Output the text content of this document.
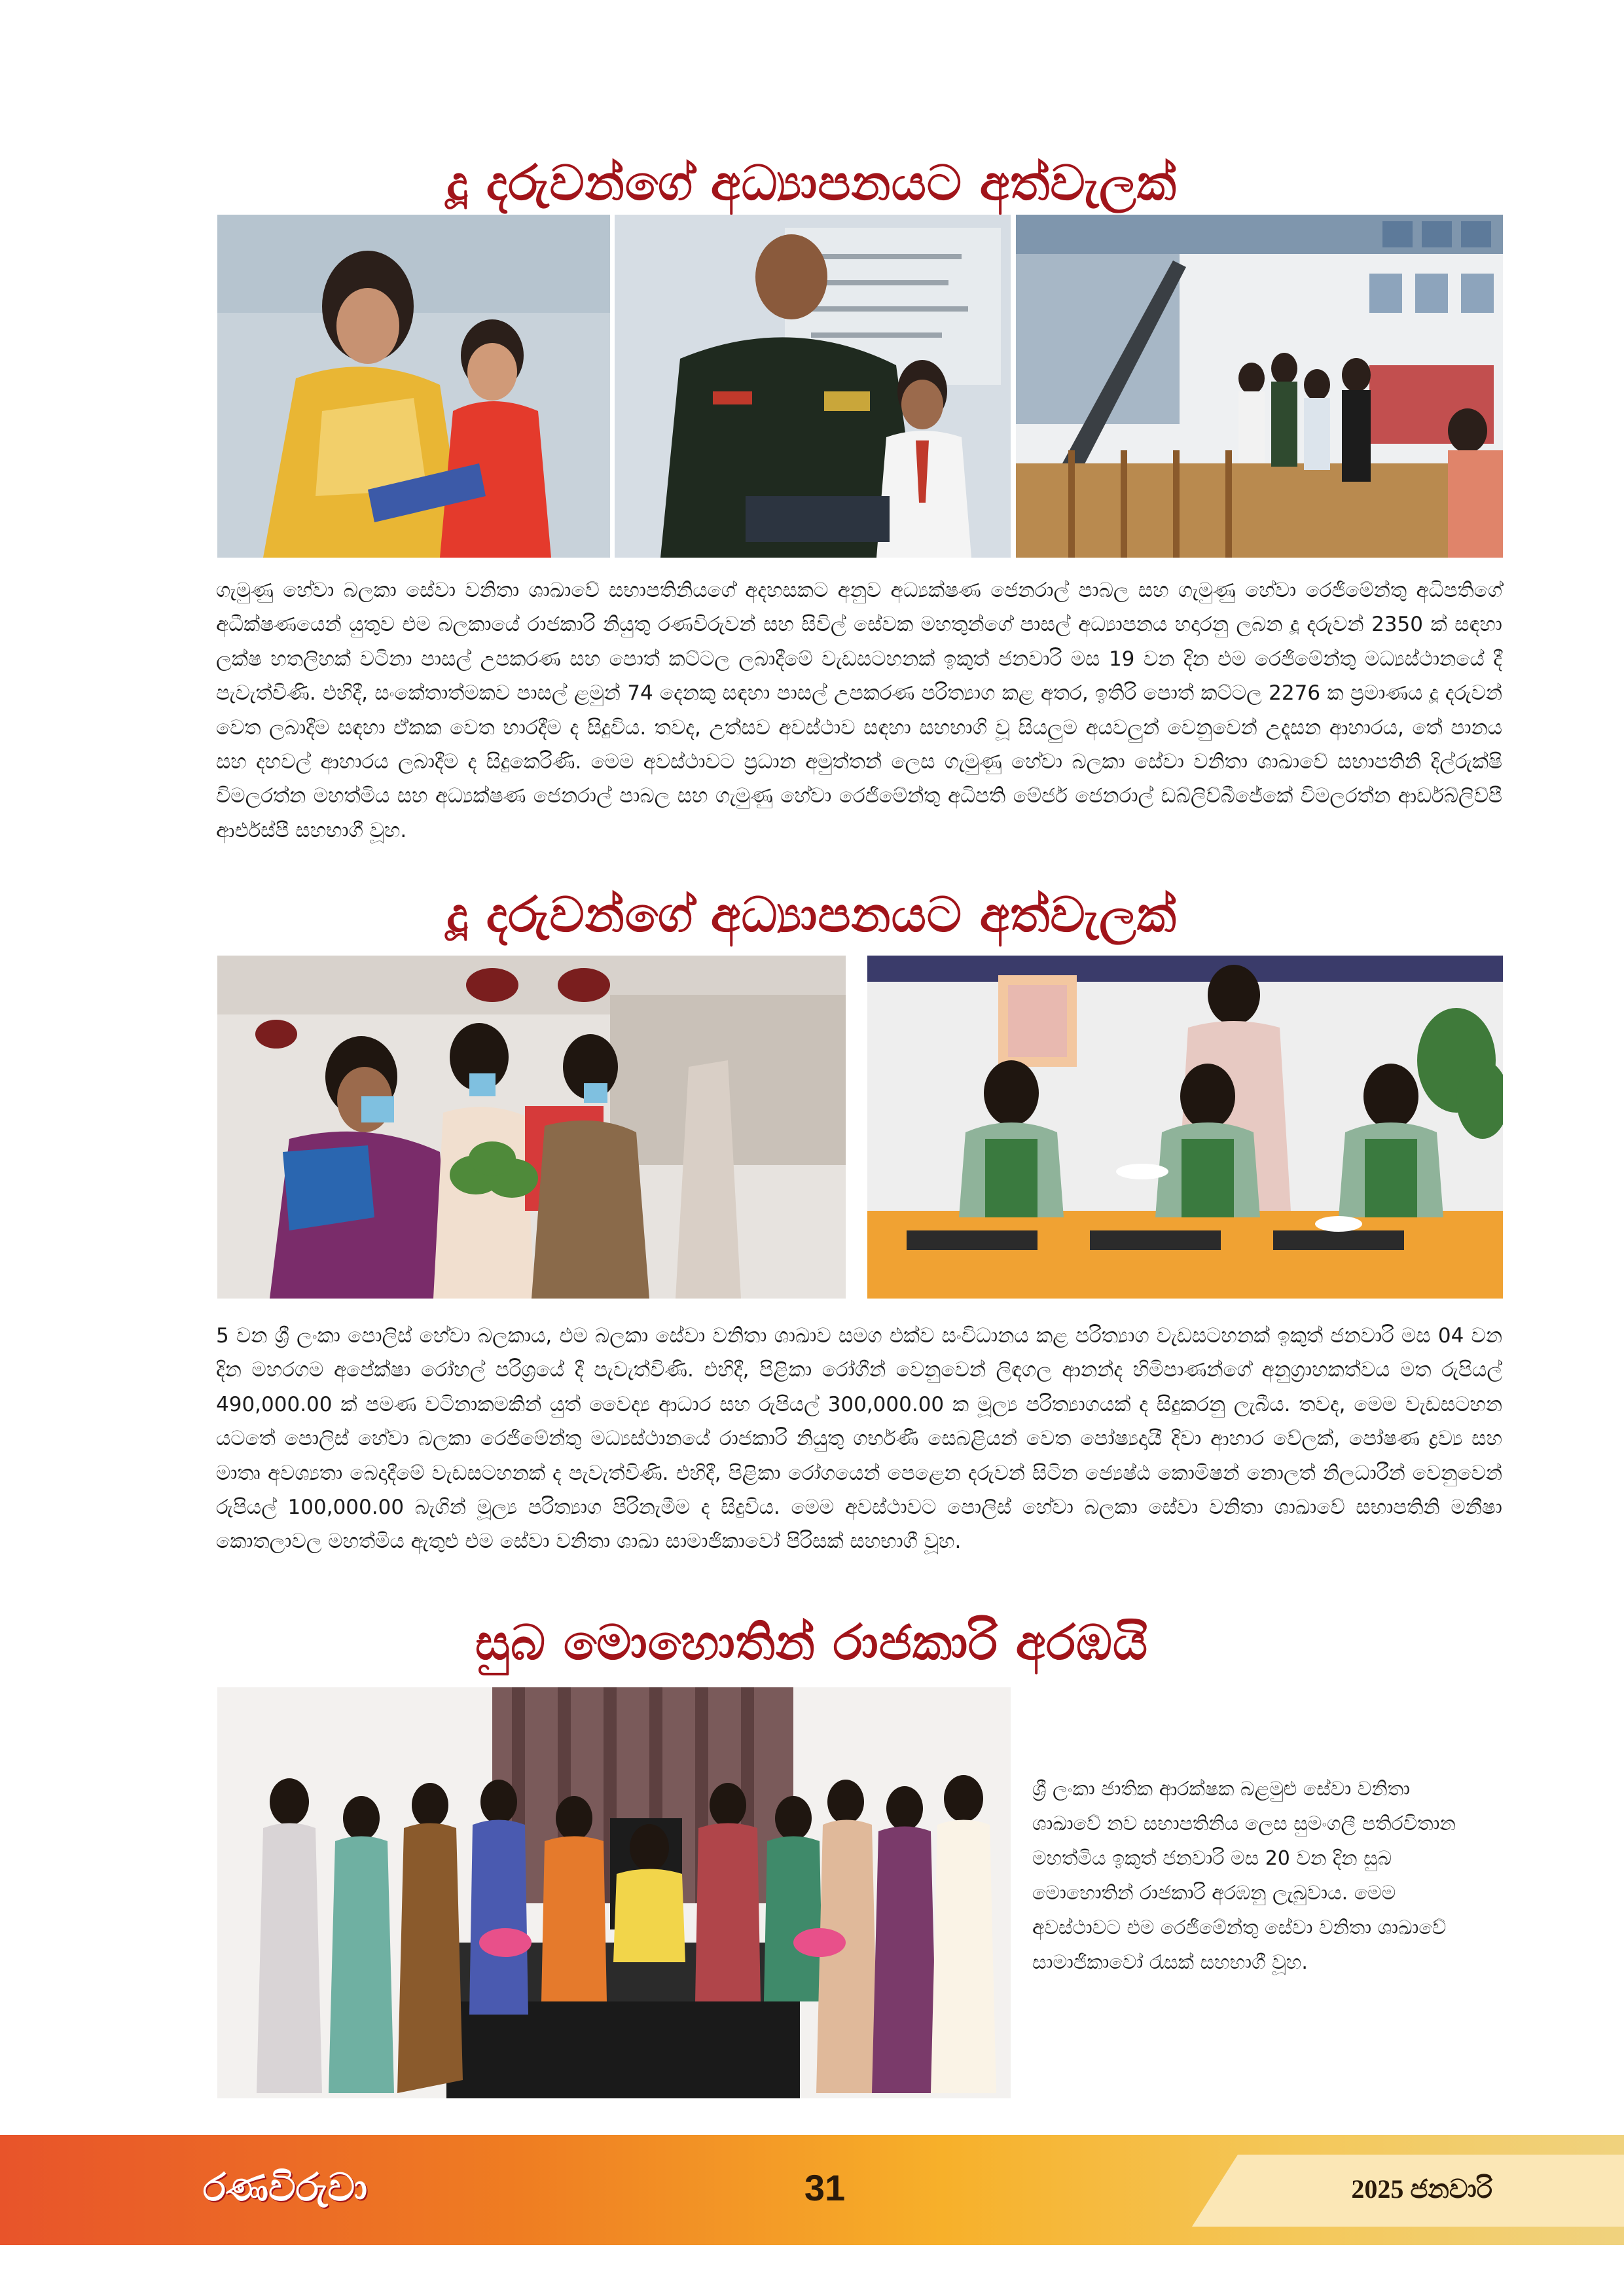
දූ දරුවන්ගේ අධ්‍යාපනයට අත්වැලක්
ගැමුණු හේවා බලකා සේවා වනිතා ශාඛාවේ සභාපතිනියගේ අදහසකට අනුව අධ්‍යක්ෂණ ජෙනරාල් පාබල සහ ගැමුණු හේවා රෙජිමේන්තු අධිපතිගේ අධීක්ෂණයෙන් යුතුව එම බලකායේ රාජකාරි නියුතු රණවිරුවන් සහ සිවිල් සේවක මහතුන්ගේ පාසල් අධ්‍යාපනය හදාරනු ලබන දූ දරුවන් 2350 ක් සඳහා ලක්ෂ හතලිහක් වටිනා පාසල් උපකරණ සහ පොත් කට්ටල ලබාදීමේ වැඩසටහනක් ඉකුත් ජනවාරි මස 19 වන දින එම රෙජිමේන්තු මධ්‍යස්ථානයේ දී පැවැත්විණි. එහිදී, සංකේතාත්මකව පාසල් ළමුන් 74 දෙනකු සඳහා පාසල් උපකරණ පරිත්‍යාග කළ අතර, ඉතිරි පොත් කට්ටල 2276 ක ප්‍රමාණය දූ දරුවන් වෙත ලබාදීම සඳහා ඒකක වෙත භාරදීම ද සිදුවිය. තවද, උත්සව අවස්ථාව සඳහා සහභාගි වූ සියලුම අයවලුන් වෙනුවෙන් උදෑසන ආහාරය, තේ පානය සහ දහවල් ආහාරය ලබාදීම ද සිදුකෙරිණි. මෙම අවස්ථාවට ප්‍රධාන අමුත්තන් ලෙස ගැමුණු හේවා බලකා සේවා වනිතා ශාඛාවේ සභාපතිනි දිල්රුක්ෂි විමලරත්න මහත්මිය සහ අධ්‍යක්ෂණ ජෙනරාල් පාබල සහ ගැමුණු හේවා රෙජිමේන්තු අධිපති මේජර් ජෙනරාල් ඩබ්ලිව්බීජේකේ විමලරත්න ආර්ඩබ්ලිව්පී ආර්එස්පී සහභාගී වූහ.
දූ දරුවන්ගේ අධ්‍යාපනයට අත්වැලක්
5 වන ශ්‍රී ලංකා පොලිස් හේවා බලකාය, එම බලකා සේවා වනිතා ශාඛාව සමග එක්ව සංවිධානය කළ පරිත්‍යාග වැඩසටහනක් ඉකුත් ජනවාරි මස 04 වන දින මහරගම අපේක්ෂා රෝහල් පරිශ්‍රයේ දී පැවැත්විණි. එහිදී, පිළිකා රෝගීන් වෙනුවෙන් ලිඳගල ආනන්ද හිමිපාණන්ගේ අනුග්‍රාහකත්වය මත රුපියල් 490,000.00 ක් පමණ වටිනාකමකින් යුත් වෛද්‍ය ආධාර සහ රුපියල් 300,000.00 ක මූල්‍ය පරිත්‍යාගයක් ද සිදුකරනු ලැබීය. තවද, මෙම වැඩසටහන යටතේ පොලිස් හේවා බලකා රෙජිමේන්තු මධ්‍යස්ථානයේ රාජකාරි නියුතු ගර්භණී සෙබළියන් වෙත පෝෂ්‍යදායී දිවා ආහාර වේලක්, පෝෂණ ද්‍රව්‍ය සහ මාතෘ අවශ්‍යතා බෙදාදීමේ වැඩසටහනක් ද පැවැත්විණි. එහිදී, පිළිකා රෝගයෙන් පෙළෙන දරුවන් සිටින ජ්‍යෙෂ්ඨ කොමිෂන් නොලත් නිලධාරීන් වෙනුවෙන් රුපියල් 100,000.00 බැගින් මූල්‍ය පරිත්‍යාග පිරිනැමීම ද සිදුවිය. මෙම අවස්ථාවට පොලිස් හේවා බලකා සේවා වනිතා ශාඛාවේ සභාපතිනි මනීෂා කොතලාවල මහත්මිය ඇතුළු එම සේවා වනිතා ශාඛා සාමාජිකාවෝ පිරිසක් සහභාගී වූහ.
සුබ මොහොතින් රාජකාරි අරඹයි
ශ්‍රී ලංකා ජාතික ආරක්ෂක බළමුළු සේවා වනිතා ශාඛාවේ නව සභාපතිනිය ලෙස සුමංගලී පතිරවිතාන මහත්මිය ඉකුත් ජනවාරි මස 20 වන දින සුබ මොහොතින් රාජකාරි අරඹනු ලැබුවාය. මෙම අවස්ථාවට එම රෙජිමේන්තු සේවා වනිතා ශාඛාවේ සාමාජිකාවෝ රැසක් සහභාගී වූහ.
රණවිරුවා	31	2025 ජනවාරි
